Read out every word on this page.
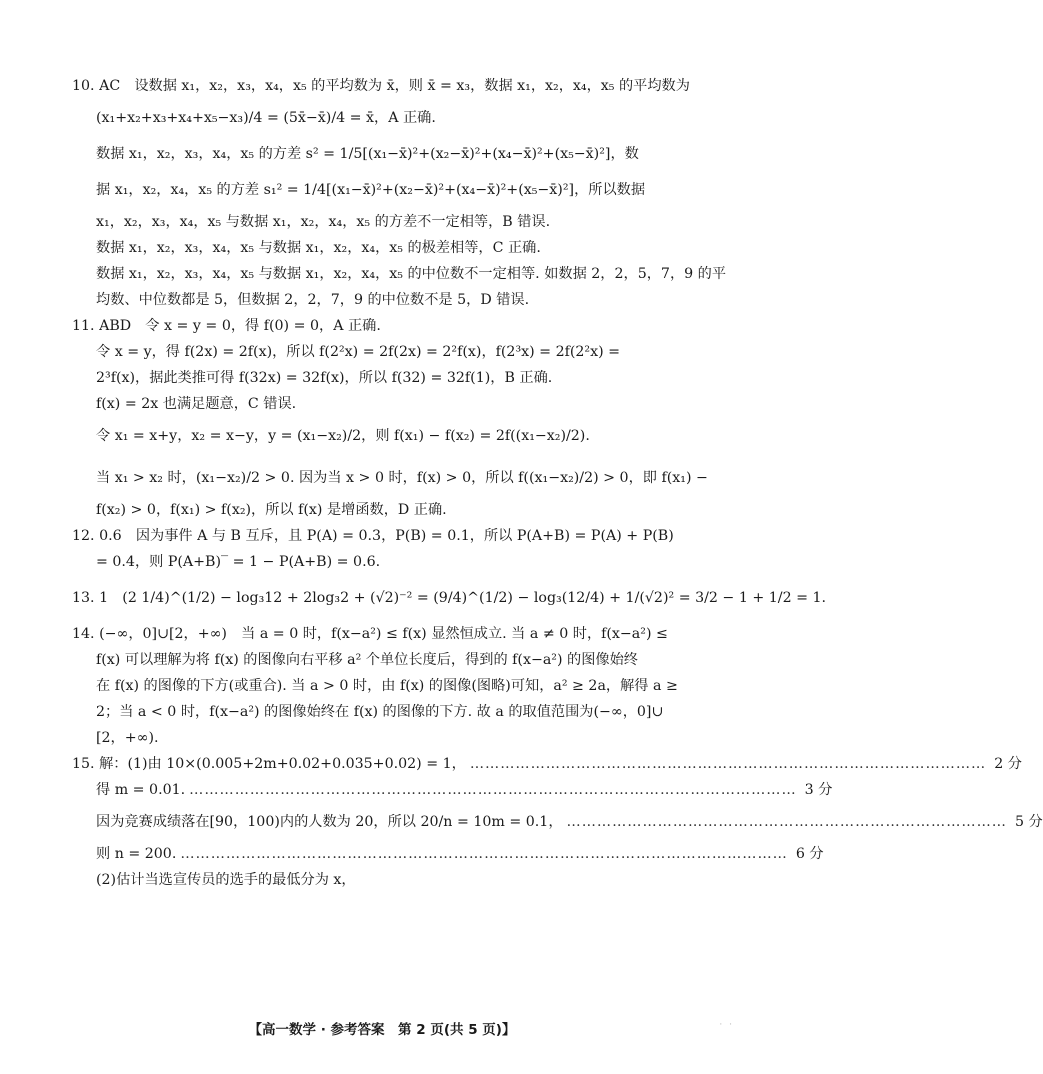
10. AC　设数据 x₁，x₂，x₃，x₄，x₅ 的平均数为 x̄，则 x̄ = x₃，数据 x₁，x₂，x₄，x₅ 的平均数为

(x₁+x₂+x₃+x₄+x₅−x₃)/4 = (5x̄−x̄)/4 = x̄，A 正确.

数据 x₁，x₂，x₃，x₄，x₅ 的方差 s² = 1/5[(x₁−x̄)²+(x₂−x̄)²+(x₄−x̄)²+(x₅−x̄)²]，数

据 x₁，x₂，x₄，x₅ 的方差 s₁² = 1/4[(x₁−x̄)²+(x₂−x̄)²+(x₄−x̄)²+(x₅−x̄)²]，所以数据

x₁，x₂，x₃，x₄，x₅ 与数据 x₁，x₂，x₄，x₅ 的方差不一定相等，B 错误.

数据 x₁，x₂，x₃，x₄，x₅ 与数据 x₁，x₂，x₄，x₅ 的极差相等，C 正确.

数据 x₁，x₂，x₃，x₄，x₅ 与数据 x₁，x₂，x₄，x₅ 的中位数不一定相等. 如数据 2，2，5，7，9 的平

均数、中位数都是 5，但数据 2，2，7，9 的中位数不是 5，D 错误.

11. ABD　令 x = y = 0，得 f(0) = 0，A 正确.

令 x = y，得 f(2x) = 2f(x)，所以 f(2²x) = 2f(2x) = 2²f(x)，f(2³x) = 2f(2²x) =

2³f(x)，据此类推可得 f(32x) = 32f(x)，所以 f(32) = 32f(1)，B 正确.

f(x) = 2x 也满足题意，C 错误.

令 x₁ = x+y，x₂ = x−y，y = (x₁−x₂)/2，则 f(x₁) − f(x₂) = 2f((x₁−x₂)/2).

当 x₁ > x₂ 时，(x₁−x₂)/2 > 0. 因为当 x > 0 时，f(x) > 0，所以 f((x₁−x₂)/2) > 0，即 f(x₁) −

f(x₂) > 0，f(x₁) > f(x₂)，所以 f(x) 是增函数，D 正确.

12. 0.6　因为事件 A 与 B 互斥，且 P(A) = 0.3，P(B) = 0.1，所以 P(A+B) = P(A) + P(B)

= 0.4，则 P(A+B)‾ = 1 − P(A+B) = 0.6.

13. 1　(2 1/4)^(1/2) − log₃12 + 2log₃2 + (√2)⁻² = (9/4)^(1/2) − log₃(12/4) + 1/(√2)² = 3/2 − 1 + 1/2 = 1.

14. (−∞，0]∪[2，+∞)　当 a = 0 时，f(x−a²) ≤ f(x) 显然恒成立. 当 a ≠ 0 时，f(x−a²) ≤

f(x) 可以理解为将 f(x) 的图像向右平移 a² 个单位长度后，得到的 f(x−a²) 的图像始终

在 f(x) 的图像的下方(或重合). 当 a > 0 时，由 f(x) 的图像(图略)可知，a² ≥ 2a，解得 a ≥

2；当 a < 0 时，f(x−a²) 的图像始终在 f(x) 的图像的下方. 故 a 的取值范围为(−∞，0]∪

[2，+∞).

15. 解：(1)由 10×(0.005+2m+0.02+0.035+0.02) = 1， ………………………………………………………………………………………… 2 分
得 m = 0.01. ………………………………………………………………………………………………………… 3 分
因为竞赛成绩落在[90，100)内的人数为 20，所以 20/n = 10m = 0.1， …………………………………………………………………………… 5 分
则 n = 200. ………………………………………………………………………………………………………… 6 分

(2)估计当选宣传员的选手的最低分为 x，

【高一数学 · 参考答案　第 2 页(共 5 页)】	· ·
